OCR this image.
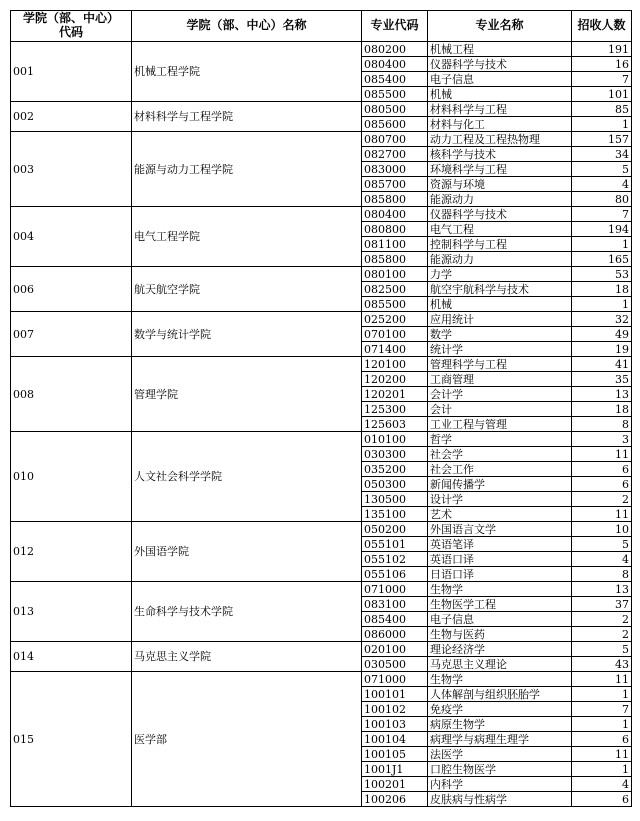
学院（部、中心）
代码	学院（部、中心）名称	专业代码	专业名称	招收人数
001	机械工程学院	080200	机械工程	191
		080400	仪器科学与技术	16
		085400	电子信息	7
		085500	机械	101
002	材料科学与工程学院	080500	材料科学与工程	85
		085600	材料与化工	1
003	能源与动力工程学院	080700	动力工程及工程热物理	157
		082700	核科学与技术	34
		083000	环境科学与工程	5
		085700	资源与环境	4
		085800	能源动力	80
004	电气工程学院	080400	仪器科学与技术	7
		080800	电气工程	194
		081100	控制科学与工程	1
		085800	能源动力	165
006	航天航空学院	080100	力学	53
		082500	航空宇航科学与技术	18
		085500	机械	1
007	数学与统计学院	025200	应用统计	32
		070100	数学	49
		071400	统计学	19
008	管理学院	120100	管理科学与工程	41
		120200	工商管理	35
		120201	会计学	13
		125300	会计	18
		125603	工业工程与管理	8
010	人文社会科学学院	010100	哲学	3
		030300	社会学	11
		035200	社会工作	6
		050300	新闻传播学	6
		130500	设计学	2
		135100	艺术	11
012	外国语学院	050200	外国语言文学	10
		055101	英语笔译	5
		055102	英语口译	4
		055106	日语口译	8
013	生命科学与技术学院	071000	生物学	13
		083100	生物医学工程	37
		085400	电子信息	2
		086000	生物与医药	2
014	马克思主义学院	020100	理论经济学	5
		030500	马克思主义理论	43
015	医学部	071000	生物学	11
		100101	人体解剖与组织胚胎学	1
		100102	免疫学	7
		100103	病原生物学	1
		100104	病理学与病理生理学	6
		100105	法医学	11
		1001J1	口腔生物医学	1
		100201	内科学	4
		100206	皮肤病与性病学	6
